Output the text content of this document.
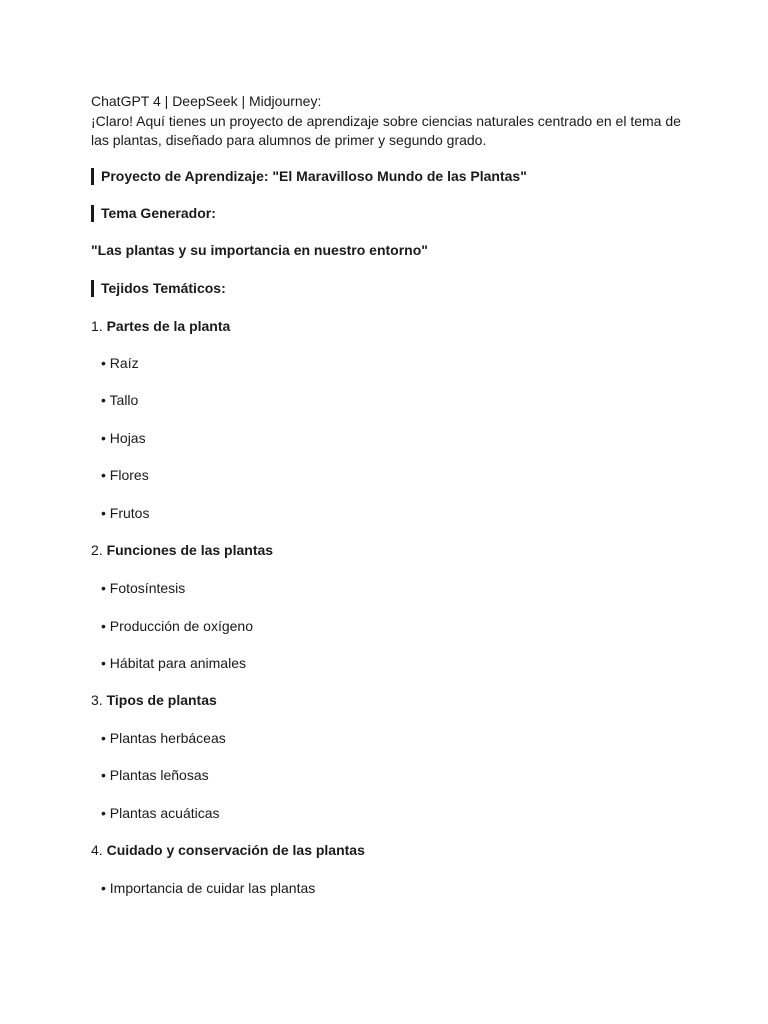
ChatGPT 4 | DeepSeek | Midjourney:

¡Claro! Aquí tienes un proyecto de aprendizaje sobre ciencias naturales centrado en el tema de las plantas, diseñado para alumnos de primer y segundo grado.

Proyecto de Aprendizaje: "El Maravilloso Mundo de las Plantas"
Tema Generador:
"Las plantas y su importancia en nuestro entorno"
Tejidos Temáticos:
1. Partes de la planta
• Raíz
• Tallo
• Hojas
• Flores
• Frutos
2. Funciones de las plantas
• Fotosíntesis
• Producción de oxígeno
• Hábitat para animales
3. Tipos de plantas
• Plantas herbáceas
• Plantas leñosas
• Plantas acuáticas
4. Cuidado y conservación de las plantas
• Importancia de cuidar las plantas
